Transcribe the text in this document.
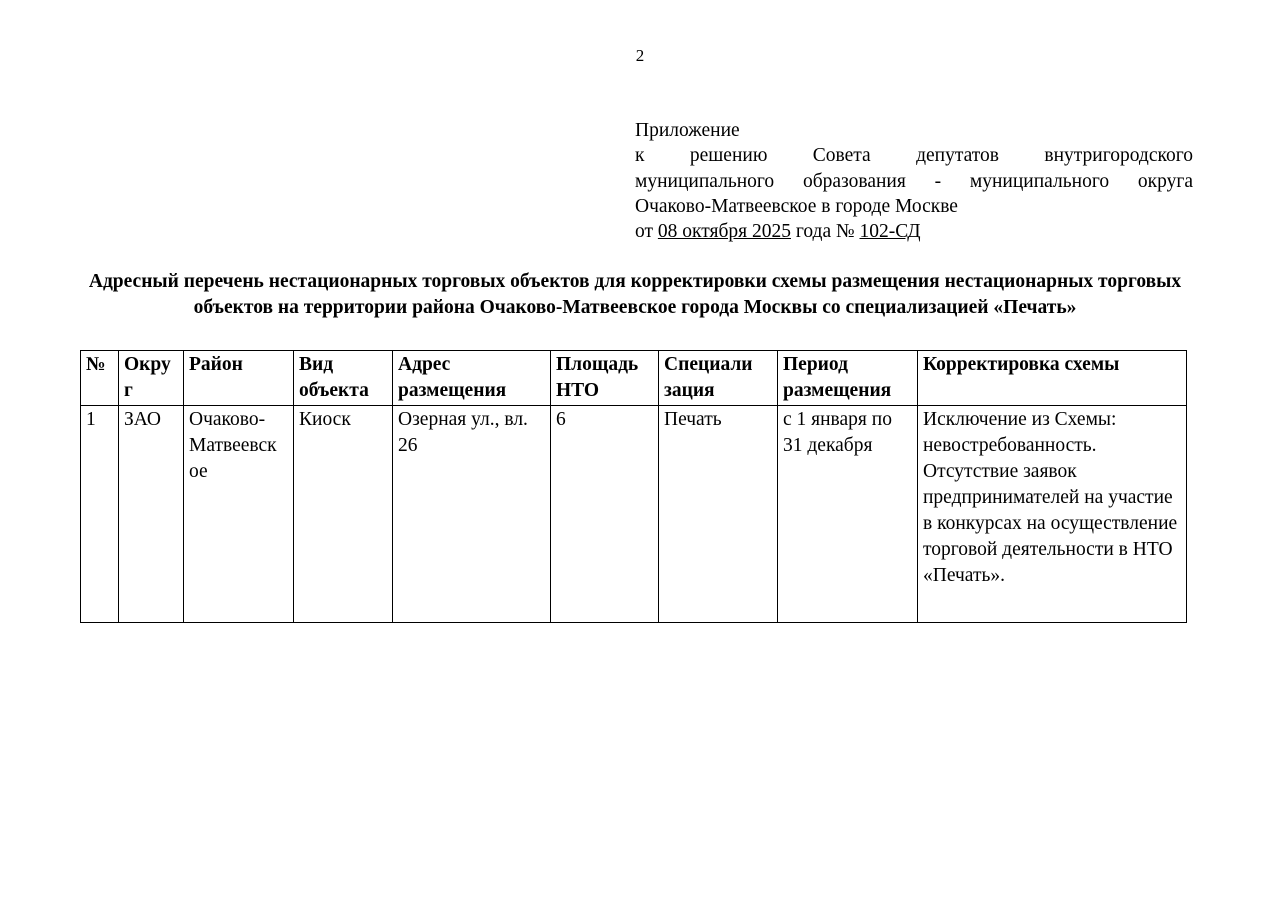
2
Приложение
к решению Совета депутатов внутригородского
муниципального образования - муниципального округа
Очаково-Матвеевское в городе Москве
от 08 октября 2025 года № 102-СД
Адресный перечень нестационарных торговых объектов для корректировки схемы размещения нестационарных торговых объектов на территории района Очаково-Матвеевское города Москвы со специализацией «Печать»
№	Округ	Район	Вид объекта	Адрес размещения	Площадь НТО	Специализация	Период размещения	Корректировка схемы
1	ЗАО	Очаково-Матвеевское	Киоск	Озерная ул., вл. 26	6	Печать	с 1 января по 31 декабря	Исключение из Схемы: невостребованность. Отсутствие заявок предпринимателей на участие в конкурсах на осуществление торговой деятельности в НТО «Печать».
